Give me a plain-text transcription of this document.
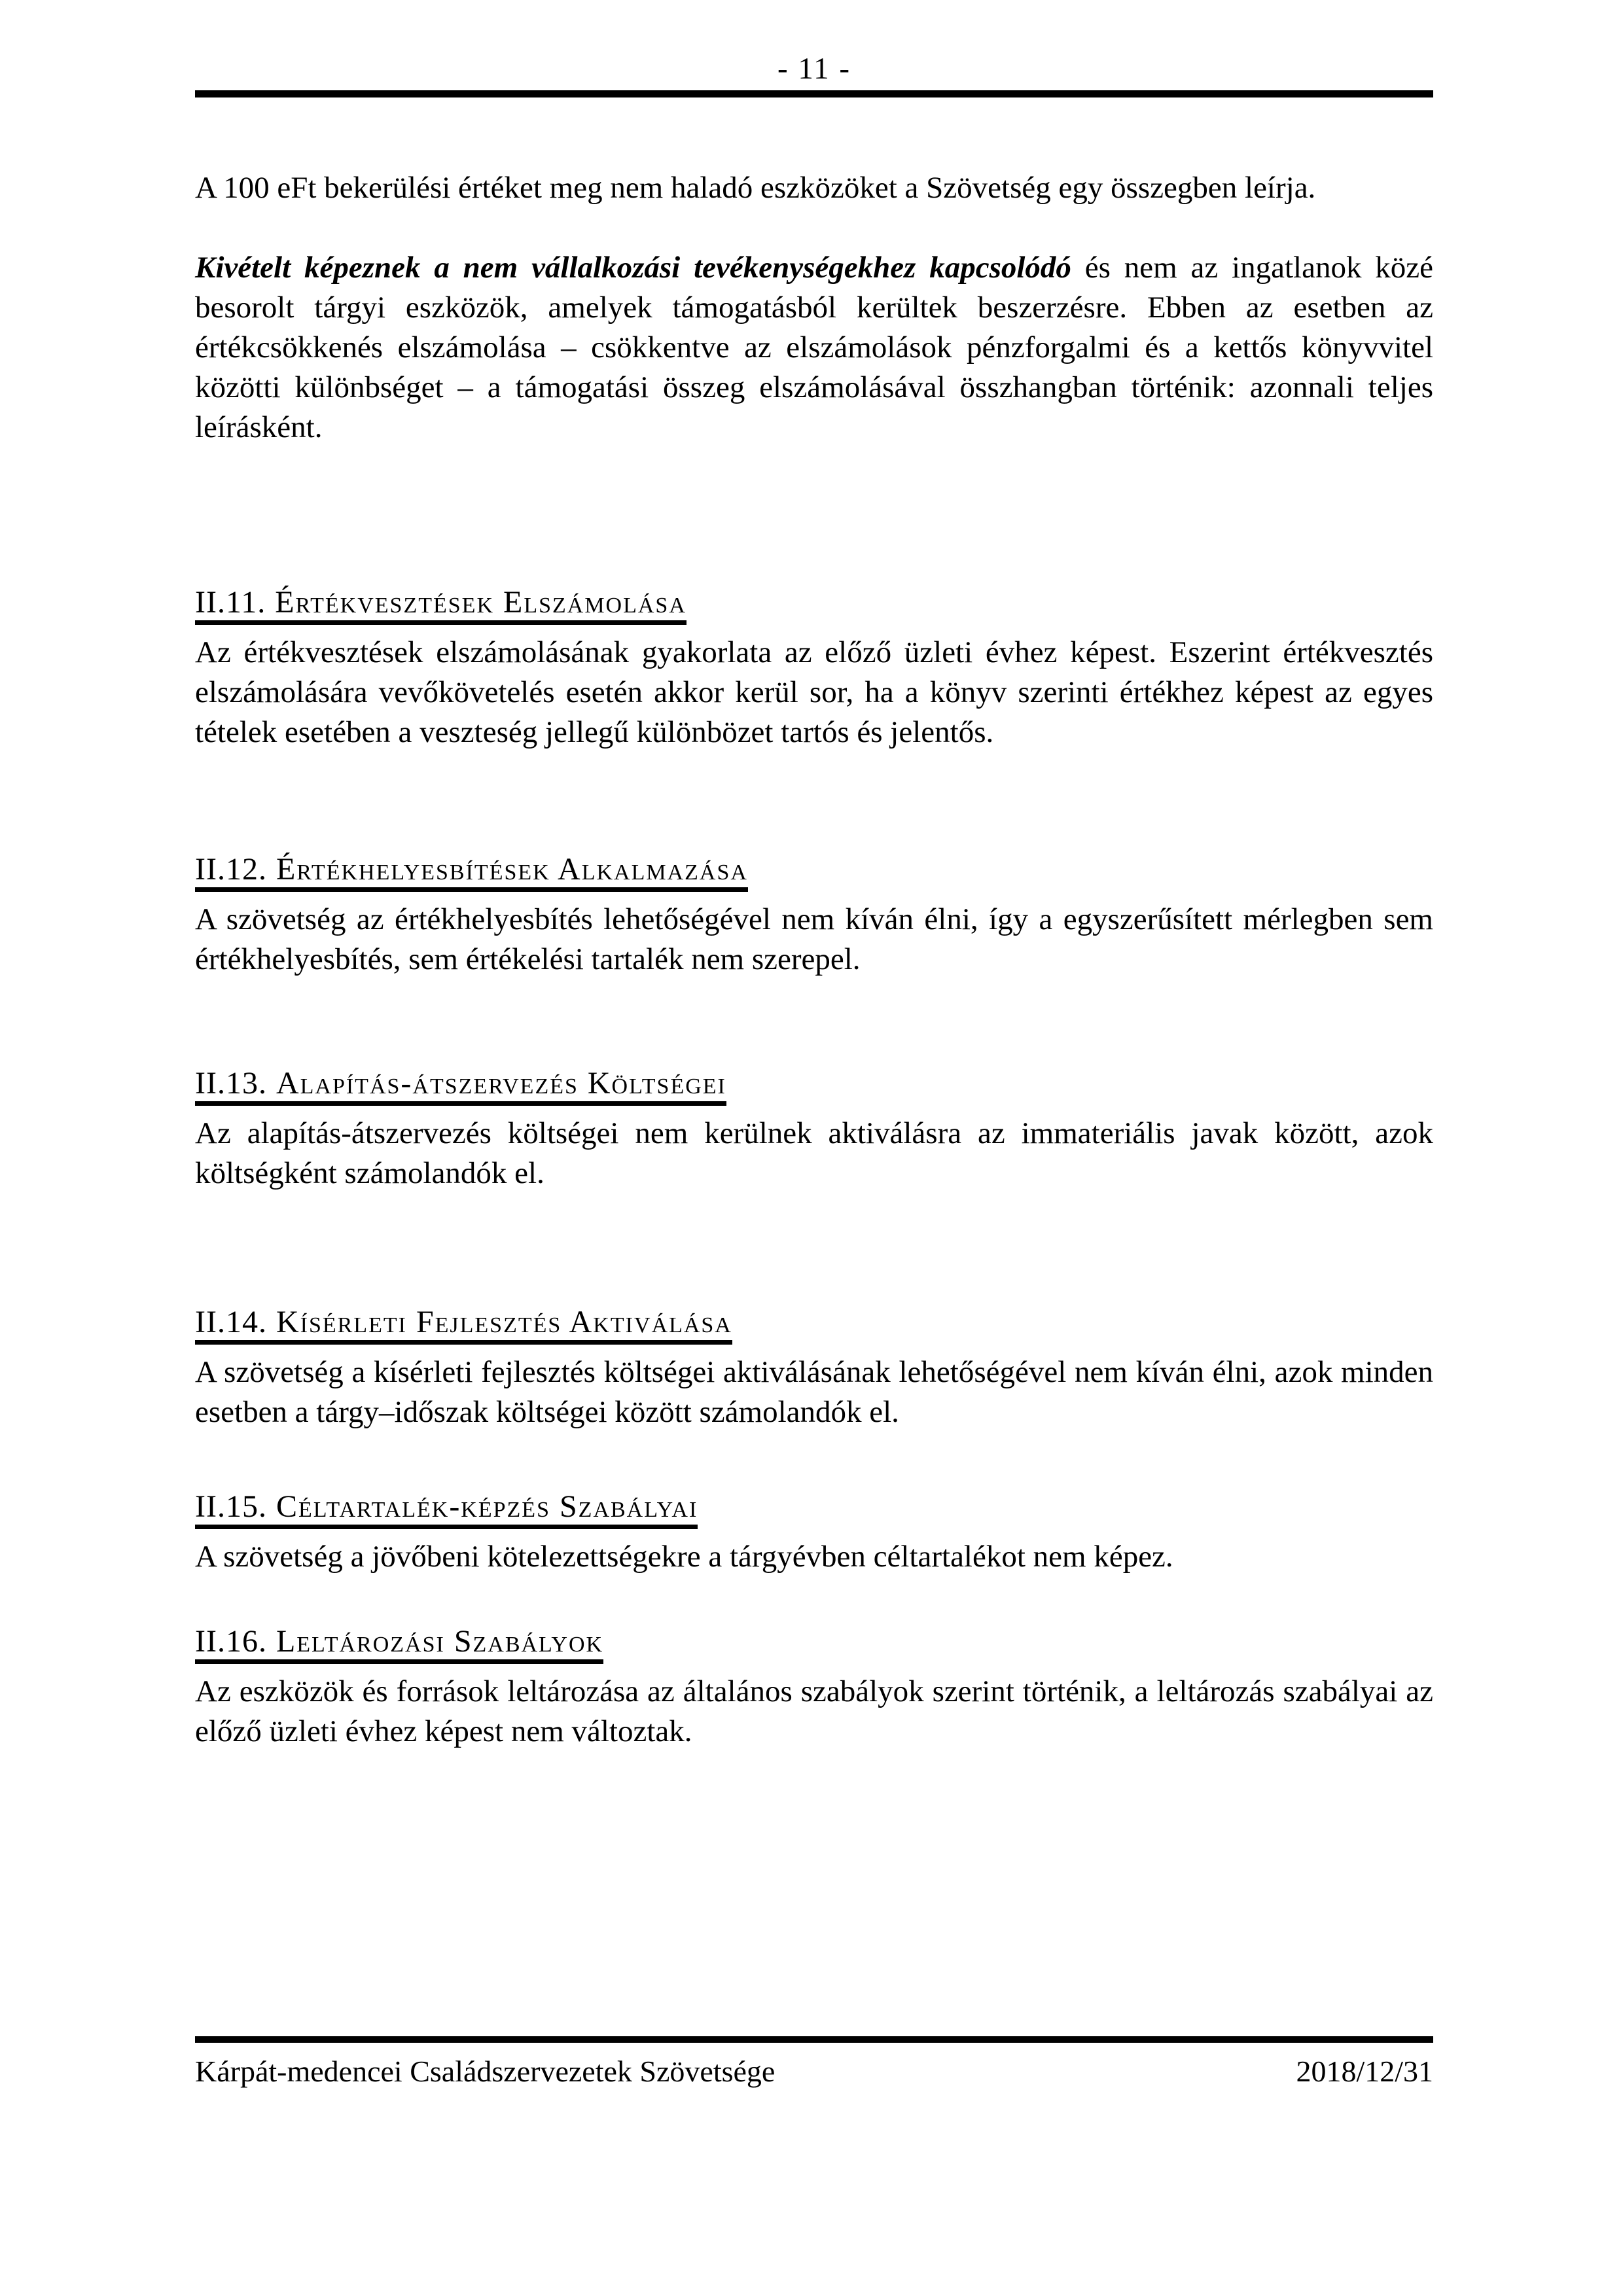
- 11 -

A 100 eFt bekerülési értéket meg nem haladó eszközöket a Szövetség egy összegben leírja.

Kivételt képeznek a nem vállalkozási tevékenységekhez kapcsolódó és nem az ingatlanok közé besorolt tárgyi eszközök, amelyek támogatásból kerültek beszerzésre. Ebben az esetben az értékcsökkenés elszámolása – csökkentve az elszámolások pénzforgalmi és a kettős könyvvitel közötti különbséget – a támogatási összeg elszámolásával összhangban történik: azonnali teljes leírásként.

II.11. Értékvesztések Elszámolása

Az értékvesztések elszámolásának gyakorlata az előző üzleti évhez képest. Eszerint értékvesztés elszámolására vevőkövetelés esetén akkor kerül sor, ha a könyv szerinti értékhez képest az egyes tételek esetében a veszteség jellegű különbözet tartós és jelentős.

II.12. Értékhelyesbítések Alkalmazása

A szövetség az értékhelyesbítés lehetőségével nem kíván élni, így a egyszerűsített mérlegben sem értékhelyesbítés, sem értékelési tartalék nem szerepel.

II.13. Alapítás-átszervezés Költségei

Az alapítás-átszervezés költségei nem kerülnek aktiválásra az immateriális javak között, azok költségként számolandók el.

II.14. Kísérleti Fejlesztés Aktiválása

A szövetség a kísérleti fejlesztés költségei aktiválásának lehetőségével nem kíván élni, azok minden esetben a tárgy–időszak költségei között számolandók el.

II.15. Céltartalék-képzés Szabályai

A szövetség a jövőbeni kötelezettségekre a tárgyévben céltartalékot nem képez.

II.16. Leltározási Szabályok

Az eszközök és források leltározása az általános szabályok szerint történik, a leltározás szabályai az előző üzleti évhez képest nem változtak.

Kárpát-medencei Családszervezetek Szövetsége	2018/12/31
